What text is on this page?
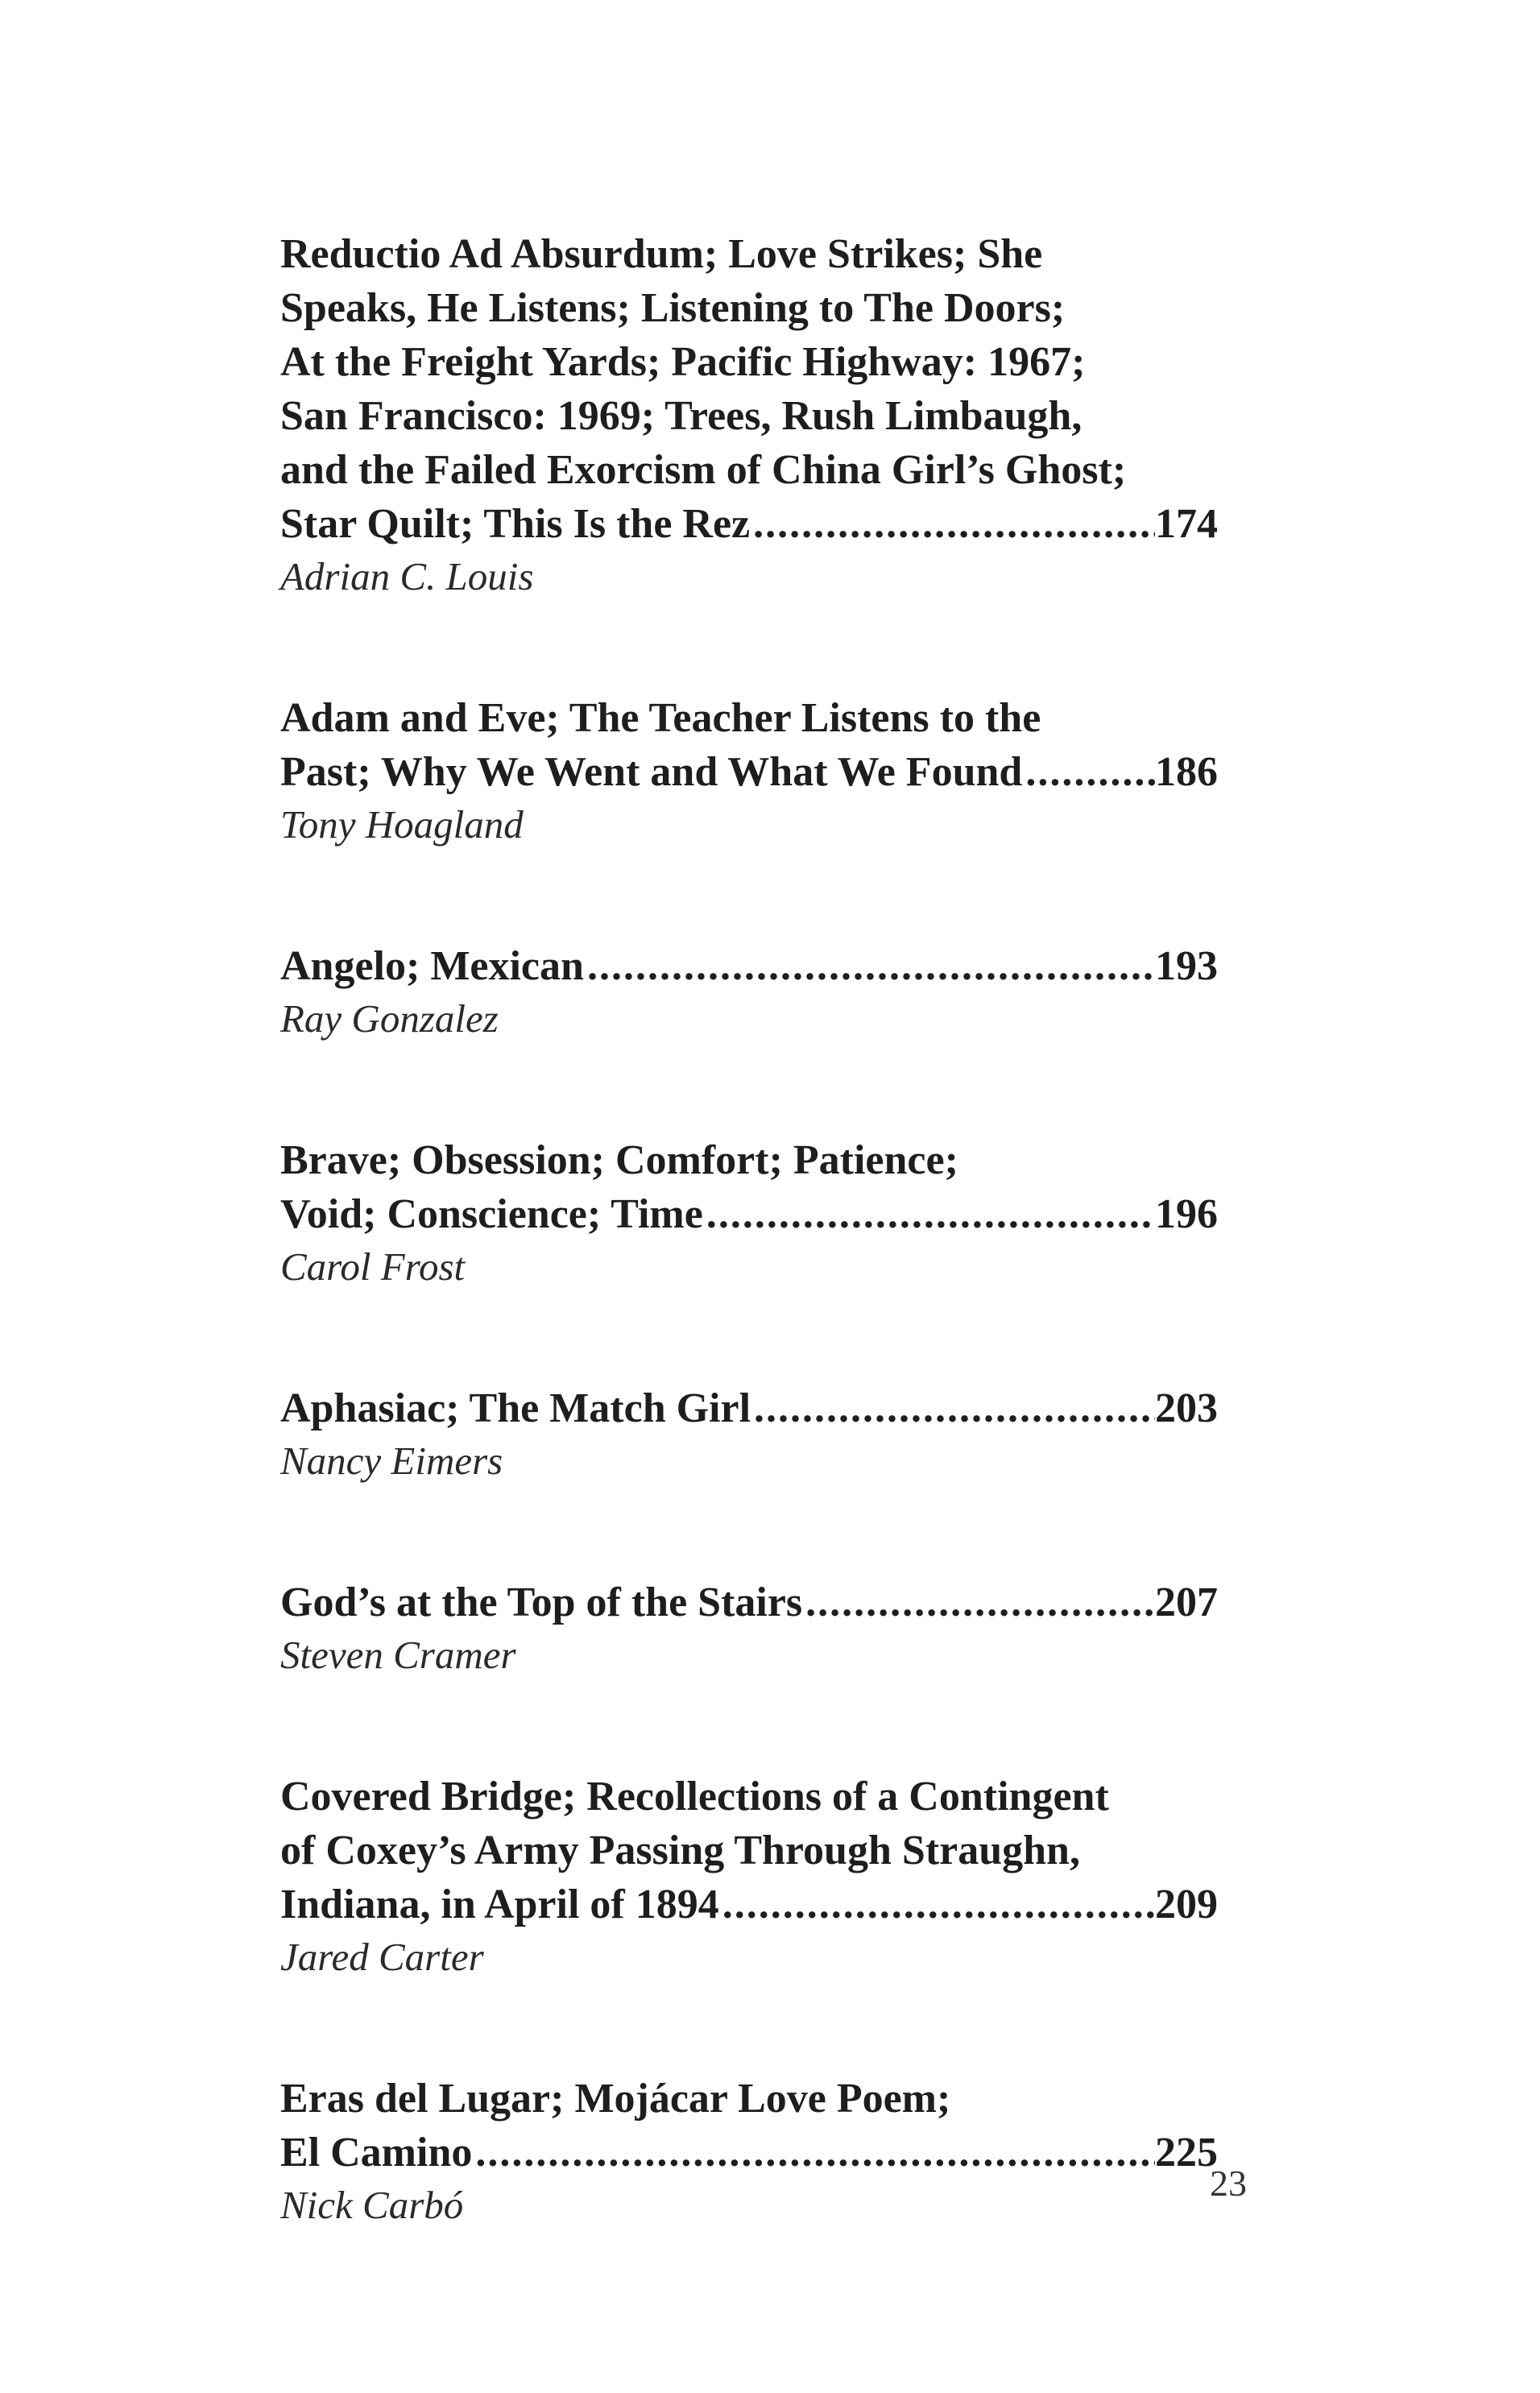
Reductio Ad Absurdum; Love Strikes; She
Speaks, He Listens; Listening to The Doors;
At the Freight Yards; Pacific Highway: 1967;
San Francisco: 1969; Trees, Rush Limbaugh,
and the Failed Exorcism of China Girl’s Ghost;
Star Quilt; This Is the Rez .....	174
Adrian C. Louis
Adam and Eve; The Teacher Listens to the
Past; Why We Went and What We Found .....	186
Tony Hoagland
Angelo; Mexican .....	193
Ray Gonzalez
Brave; Obsession; Comfort; Patience;
Void; Conscience; Time .....	196
Carol Frost
Aphasiac; The Match Girl .....	203
Nancy Eimers
God’s at the Top of the Stairs .....	207
Steven Cramer
Covered Bridge; Recollections of a Contingent
of Coxey’s Army Passing Through Straughn,
Indiana, in April of 1894 .....	209
Jared Carter
Eras del Lugar; Mojácar Love Poem;
El Camino .....	225
Nick Carbó	23
